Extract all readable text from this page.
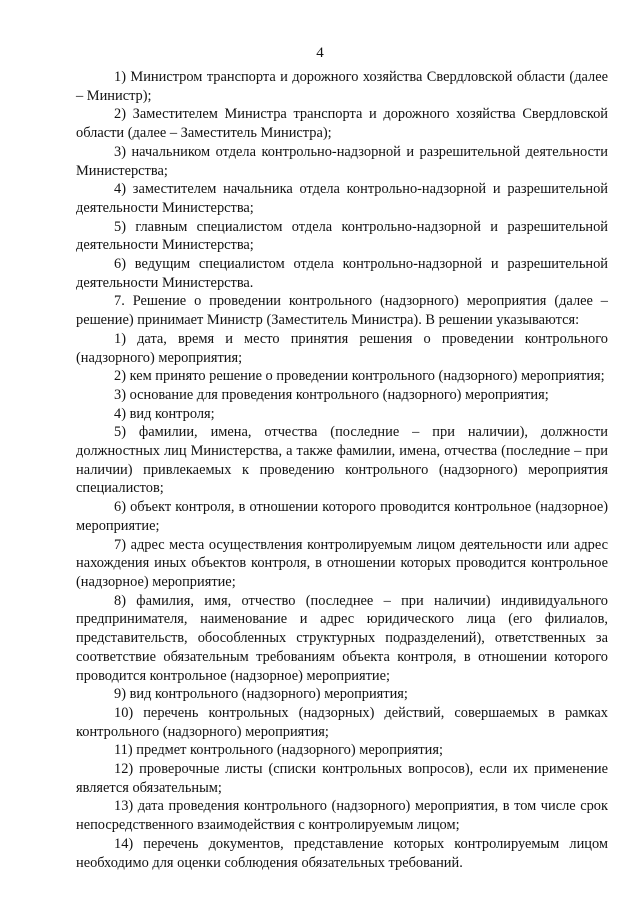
4

1) Министром транспорта и дорожного хозяйства Свердловской области (далее – Министр);

2) Заместителем Министра транспорта и дорожного хозяйства Свердловской области (далее – Заместитель Министра);

3) начальником отдела контрольно-надзорной и разрешительной деятельности Министерства;

4) заместителем начальника отдела контрольно-надзорной и разрешительной деятельности Министерства;

5) главным специалистом отдела контрольно-надзорной и разрешительной деятельности Министерства;

6) ведущим специалистом отдела контрольно-надзорной и разрешительной деятельности Министерства.

7. Решение о проведении контрольного (надзорного) мероприятия (далее – решение) принимает Министр (Заместитель Министра). В решении указываются:

1) дата, время и место принятия решения о проведении контрольного (надзорного) мероприятия;

2) кем принято решение о проведении контрольного (надзорного) мероприятия;

3) основание для проведения контрольного (надзорного) мероприятия;

4) вид контроля;

5) фамилии, имена, отчества (последние – при наличии), должности должностных лиц Министерства, а также фамилии, имена, отчества (последние – при наличии) привлекаемых к проведению контрольного (надзорного) мероприятия специалистов;

6) объект контроля, в отношении которого проводится контрольное (надзорное) мероприятие;

7) адрес места осуществления контролируемым лицом деятельности или адрес нахождения иных объектов контроля, в отношении которых проводится контрольное (надзорное) мероприятие;

8) фамилия, имя, отчество (последнее – при наличии) индивидуального предпринимателя, наименование и адрес юридического лица (его филиалов, представительств, обособленных структурных подразделений), ответственных за соответствие обязательным требованиям объекта контроля, в отношении которого проводится контрольное (надзорное) мероприятие;

9) вид контрольного (надзорного) мероприятия;

10) перечень контрольных (надзорных) действий, совершаемых в рамках контрольного (надзорного) мероприятия;

11) предмет контрольного (надзорного) мероприятия;

12) проверочные листы (списки контрольных вопросов), если их применение является обязательным;

13) дата проведения контрольного (надзорного) мероприятия, в том числе срок непосредственного взаимодействия с контролируемым лицом;

14) перечень документов, представление которых контролируемым лицом необходимо для оценки соблюдения обязательных требований.
